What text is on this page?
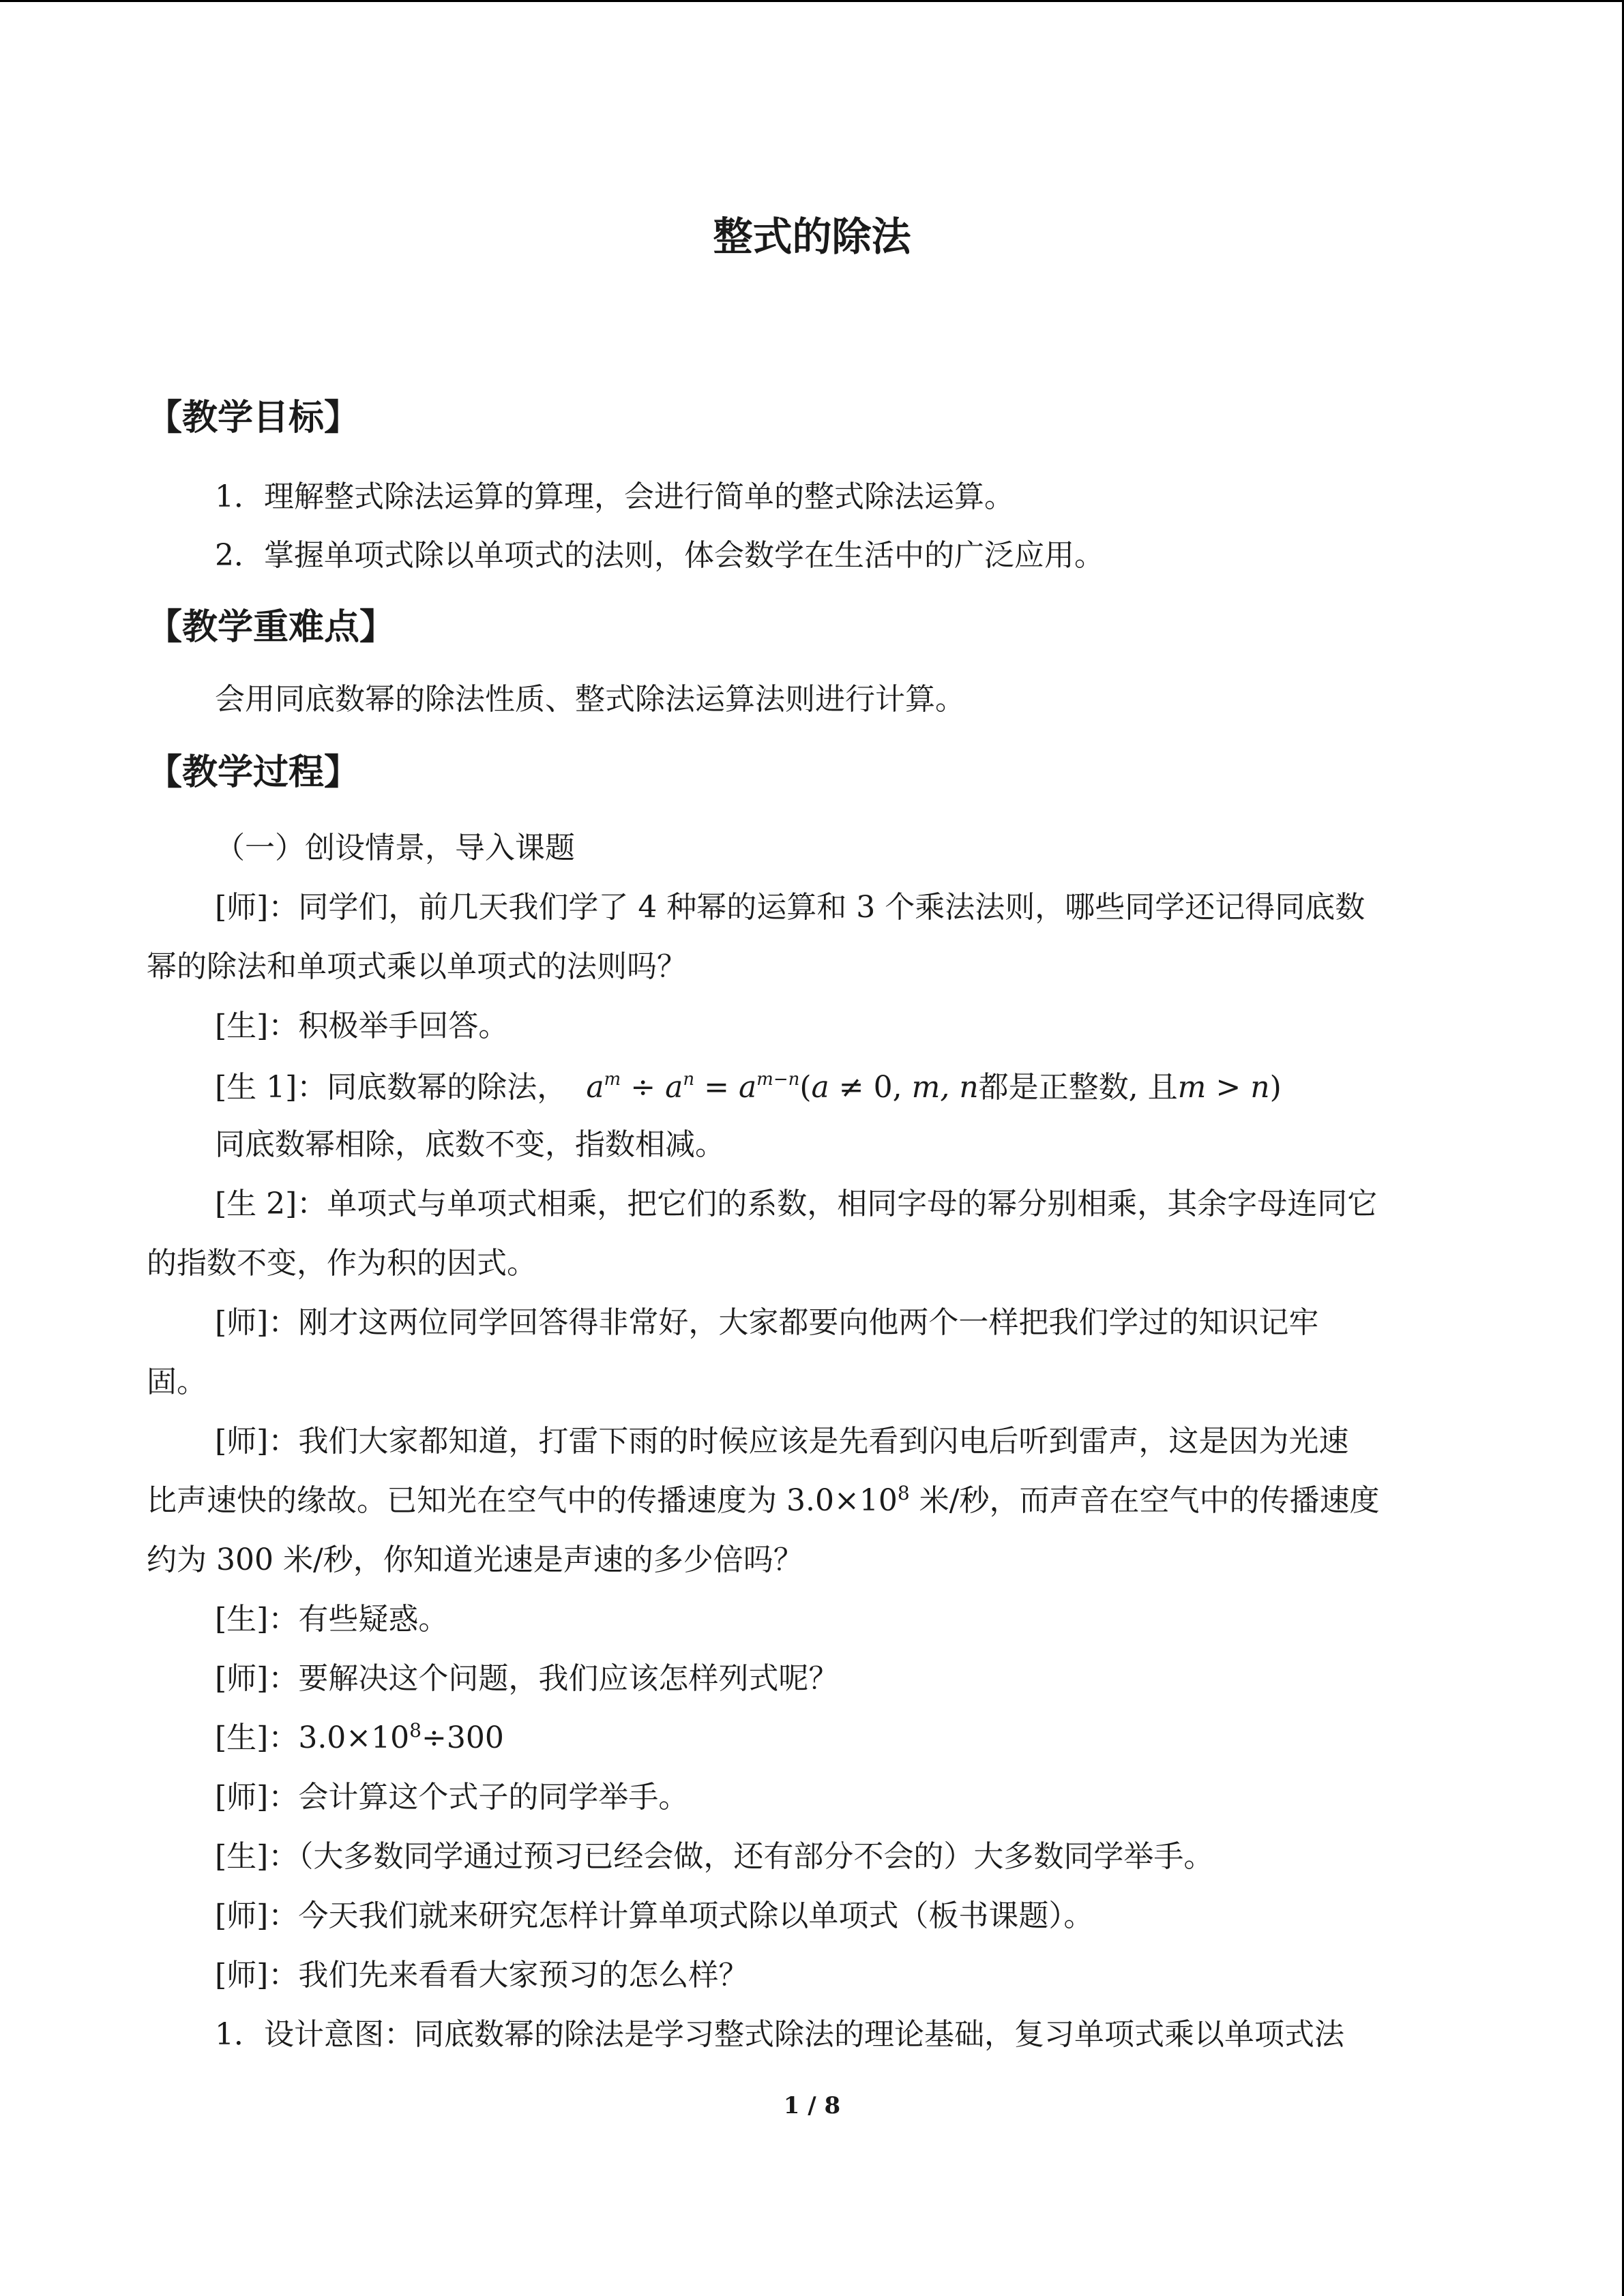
整式的除法
【教学目标】
1．理解整式除法运算的算理，会进行简单的整式除法运算。
2．掌握单项式除以单项式的法则，体会数学在生活中的广泛应用。
【教学重难点】
会用同底数幂的除法性质、整式除法运算法则进行计算。
【教学过程】
（一）创设情景，导入课题
[师]：同学们，前几天我们学了 4 种幂的运算和 3 个乘法法则，哪些同学还记得同底数
幂的除法和单项式乘以单项式的法则吗？
[生]：积极举手回答。
[生 1]：同底数幂的除法， $a^m \div a^n = a^{m-n}(a \ne 0$, m, n都是正整数, 且m > n)
同底数幂相除，底数不变，指数相减。
[生 2]：单项式与单项式相乘，把它们的系数，相同字母的幂分别相乘，其余字母连同它
的指数不变，作为积的因式。
[师]：刚才这两位同学回答得非常好，大家都要向他两个一样把我们学过的知识记牢
固。
[师]：我们大家都知道，打雷下雨的时候应该是先看到闪电后听到雷声，这是因为光速
比声速快的缘故。已知光在空气中的传播速度为 $3.0\times 10^8$ 米/秒，而声音在空气中的传播速度
约为 300 米/秒，你知道光速是声速的多少倍吗？
[生]：有些疑惑。
[师]：要解决这个问题，我们应该怎样列式呢？
[生]：$3.0\times 10^8\div 300$
[师]：会计算这个式子的同学举手。
[生]：（大多数同学通过预习已经会做，还有部分不会的）大多数同学举手。
[师]：今天我们就来研究怎样计算单项式除以单项式（板书课题）。
[师]：我们先来看看大家预习的怎么样？
1．设计意图：同底数幂的除法是学习整式除法的理论基础，复习单项式乘以单项式法
1 / 8
